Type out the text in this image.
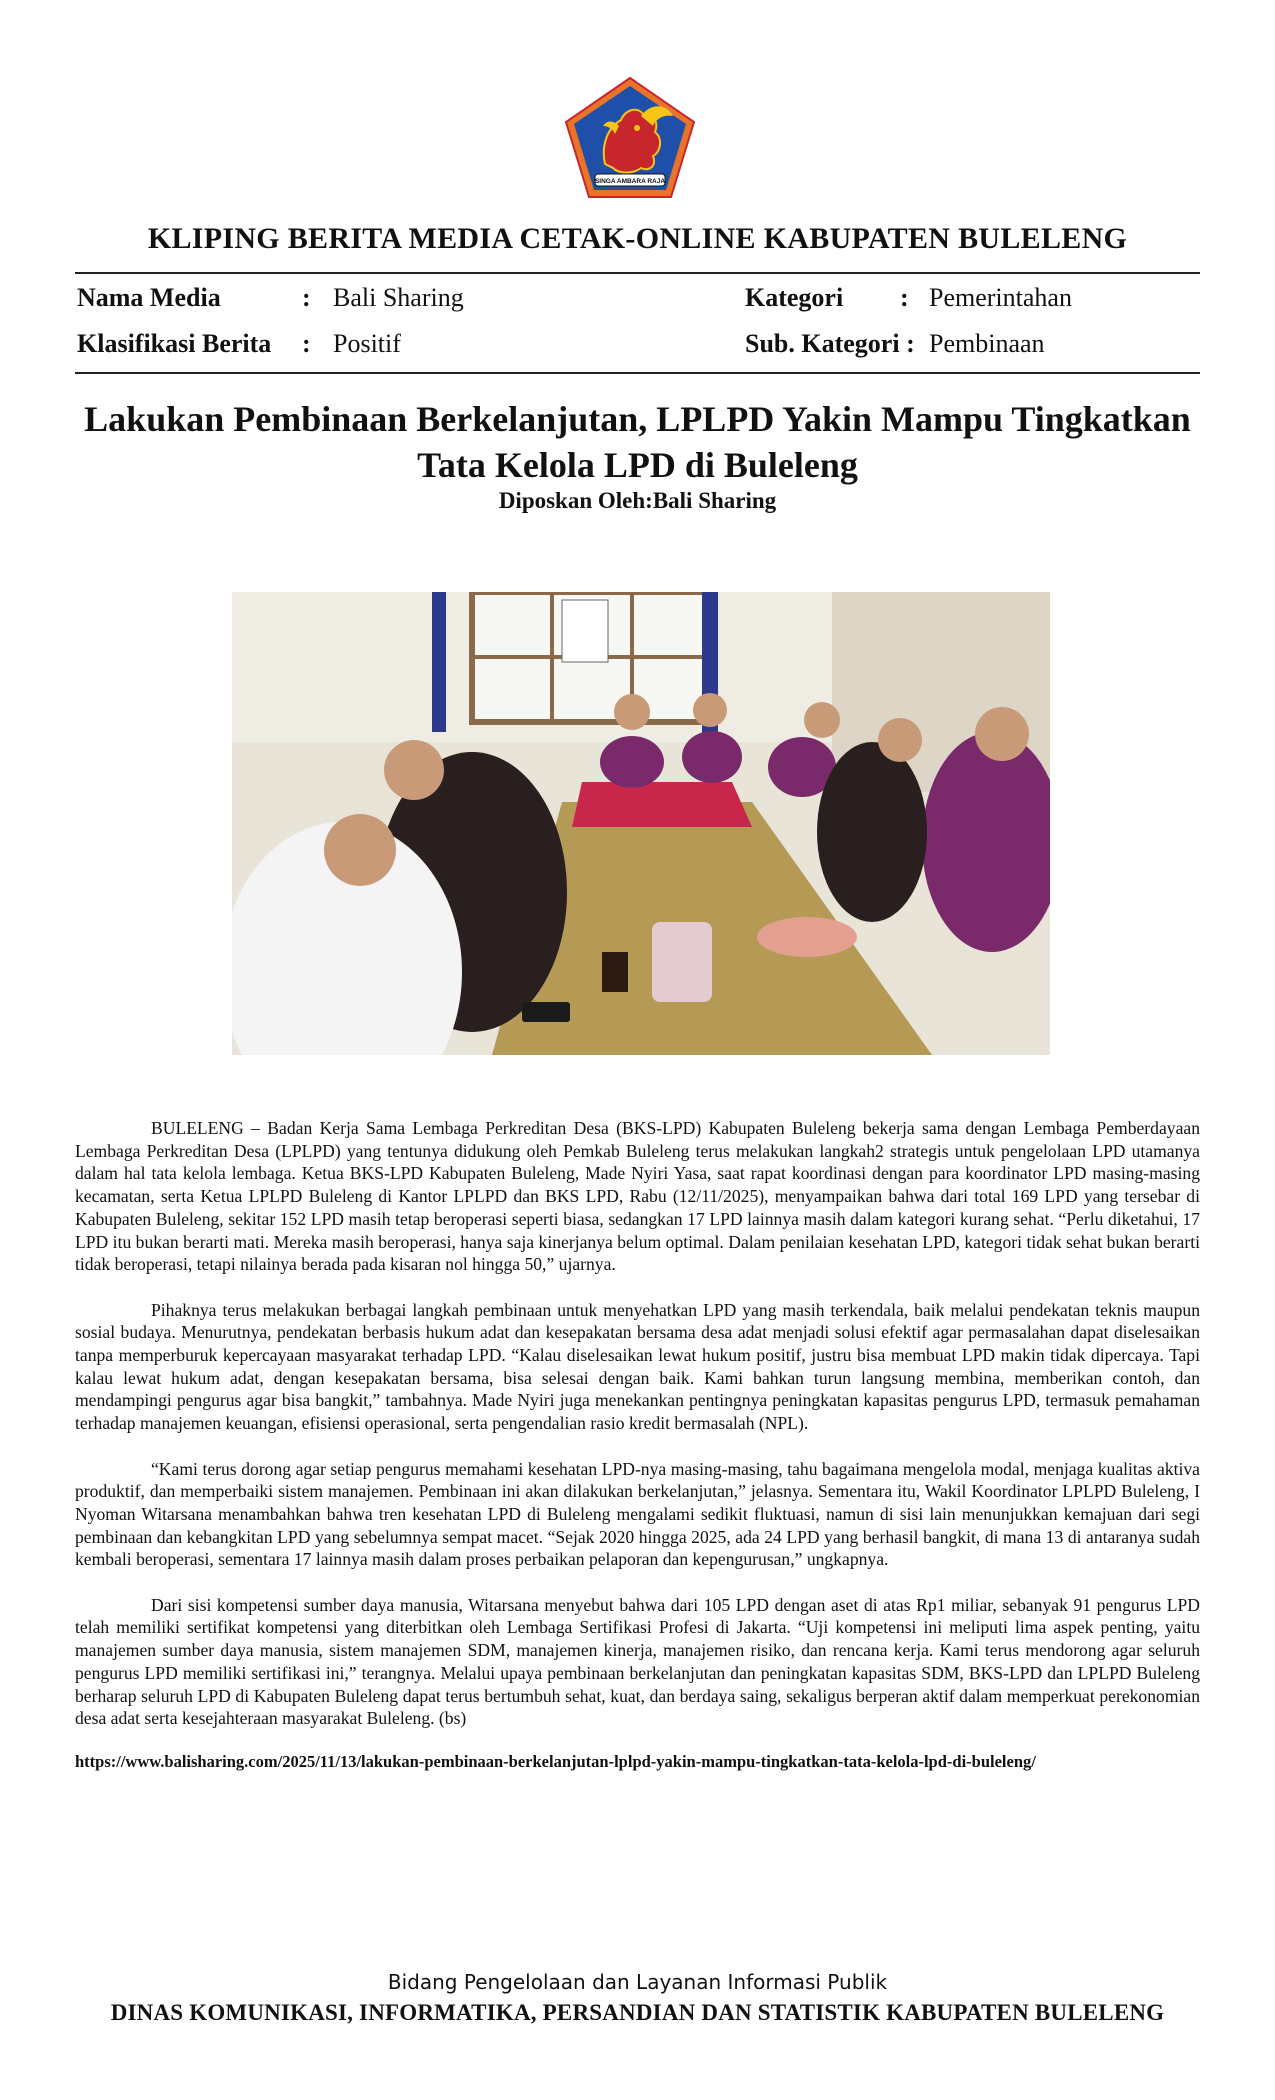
SINGA AMBARA RAJA
KLIPING BERITA MEDIA CETAK-ONLINE KABUPATEN BULELENG
Nama Media	: Bali Sharing
Klasifikasi Berita : Positif
Kategori : Pemerintahan
Sub. Kategori : Pembinaan
Lakukan Pembinaan Berkelanjutan, LPLPD Yakin Mampu Tingkatkan Tata Kelola LPD di Buleleng
Diposkan Oleh:Bali Sharing

BULELENG – Badan Kerja Sama Lembaga Perkreditan Desa (BKS-LPD) Kabupaten Buleleng bekerja sama dengan Lembaga Pemberdayaan Lembaga Perkreditan Desa (LPLPD) yang tentunya didukung oleh Pemkab Buleleng terus melakukan langkah2 strategis untuk pengelolaan LPD utamanya dalam hal tata kelola lembaga. Ketua BKS-LPD Kabupaten Buleleng, Made Nyiri Yasa, saat rapat koordinasi dengan para koordinator LPD masing-masing kecamatan, serta Ketua LPLPD Buleleng di Kantor LPLPD dan BKS LPD, Rabu (12/11/2025), menyampaikan bahwa dari total 169 LPD yang tersebar di Kabupaten Buleleng, sekitar 152 LPD masih tetap beroperasi seperti biasa, sedangkan 17 LPD lainnya masih dalam kategori kurang sehat. “Perlu diketahui, 17 LPD itu bukan berarti mati. Mereka masih beroperasi, hanya saja kinerjanya belum optimal. Dalam penilaian kesehatan LPD, kategori tidak sehat bukan berarti tidak beroperasi, tetapi nilainya berada pada kisaran nol hingga 50,” ujarnya.

Pihaknya terus melakukan berbagai langkah pembinaan untuk menyehatkan LPD yang masih terkendala, baik melalui pendekatan teknis maupun sosial budaya. Menurutnya, pendekatan berbasis hukum adat dan kesepakatan bersama desa adat menjadi solusi efektif agar permasalahan dapat diselesaikan tanpa memperburuk kepercayaan masyarakat terhadap LPD. “Kalau diselesaikan lewat hukum positif, justru bisa membuat LPD makin tidak dipercaya. Tapi kalau lewat hukum adat, dengan kesepakatan bersama, bisa selesai dengan baik. Kami bahkan turun langsung membina, memberikan contoh, dan mendampingi pengurus agar bisa bangkit,” tambahnya. Made Nyiri juga menekankan pentingnya peningkatan kapasitas pengurus LPD, termasuk pemahaman terhadap manajemen keuangan, efisiensi operasional, serta pengendalian rasio kredit bermasalah (NPL).

“Kami terus dorong agar setiap pengurus memahami kesehatan LPD-nya masing-masing, tahu bagaimana mengelola modal, menjaga kualitas aktiva produktif, dan memperbaiki sistem manajemen. Pembinaan ini akan dilakukan berkelanjutan,” jelasnya. Sementara itu, Wakil Koordinator LPLPD Buleleng, I Nyoman Witarsana menambahkan bahwa tren kesehatan LPD di Buleleng mengalami sedikit fluktuasi, namun di sisi lain menunjukkan kemajuan dari segi pembinaan dan kebangkitan LPD yang sebelumnya sempat macet. “Sejak 2020 hingga 2025, ada 24 LPD yang berhasil bangkit, di mana 13 di antaranya sudah kembali beroperasi, sementara 17 lainnya masih dalam proses perbaikan pelaporan dan kepengurusan,” ungkapnya.

Dari sisi kompetensi sumber daya manusia, Witarsana menyebut bahwa dari 105 LPD dengan aset di atas Rp1 miliar, sebanyak 91 pengurus LPD telah memiliki sertifikat kompetensi yang diterbitkan oleh Lembaga Sertifikasi Profesi di Jakarta. “Uji kompetensi ini meliputi lima aspek penting, yaitu manajemen sumber daya manusia, sistem manajemen SDM, manajemen kinerja, manajemen risiko, dan rencana kerja. Kami terus mendorong agar seluruh pengurus LPD memiliki sertifikasi ini,” terangnya. Melalui upaya pembinaan berkelanjutan dan peningkatan kapasitas SDM, BKS-LPD dan LPLPD Buleleng berharap seluruh LPD di Kabupaten Buleleng dapat terus bertumbuh sehat, kuat, dan berdaya saing, sekaligus berperan aktif dalam memperkuat perekonomian desa adat serta kesejahteraan masyarakat Buleleng. (bs)

https://www.balisharing.com/2025/11/13/lakukan-pembinaan-berkelanjutan-lplpd-yakin-mampu-tingkatkan-tata-kelola-lpd-di-buleleng/
Bidang Pengelolaan dan Layanan Informasi Publik
DINAS KOMUNIKASI, INFORMATIKA, PERSANDIAN DAN STATISTIK KABUPATEN BULELENG
